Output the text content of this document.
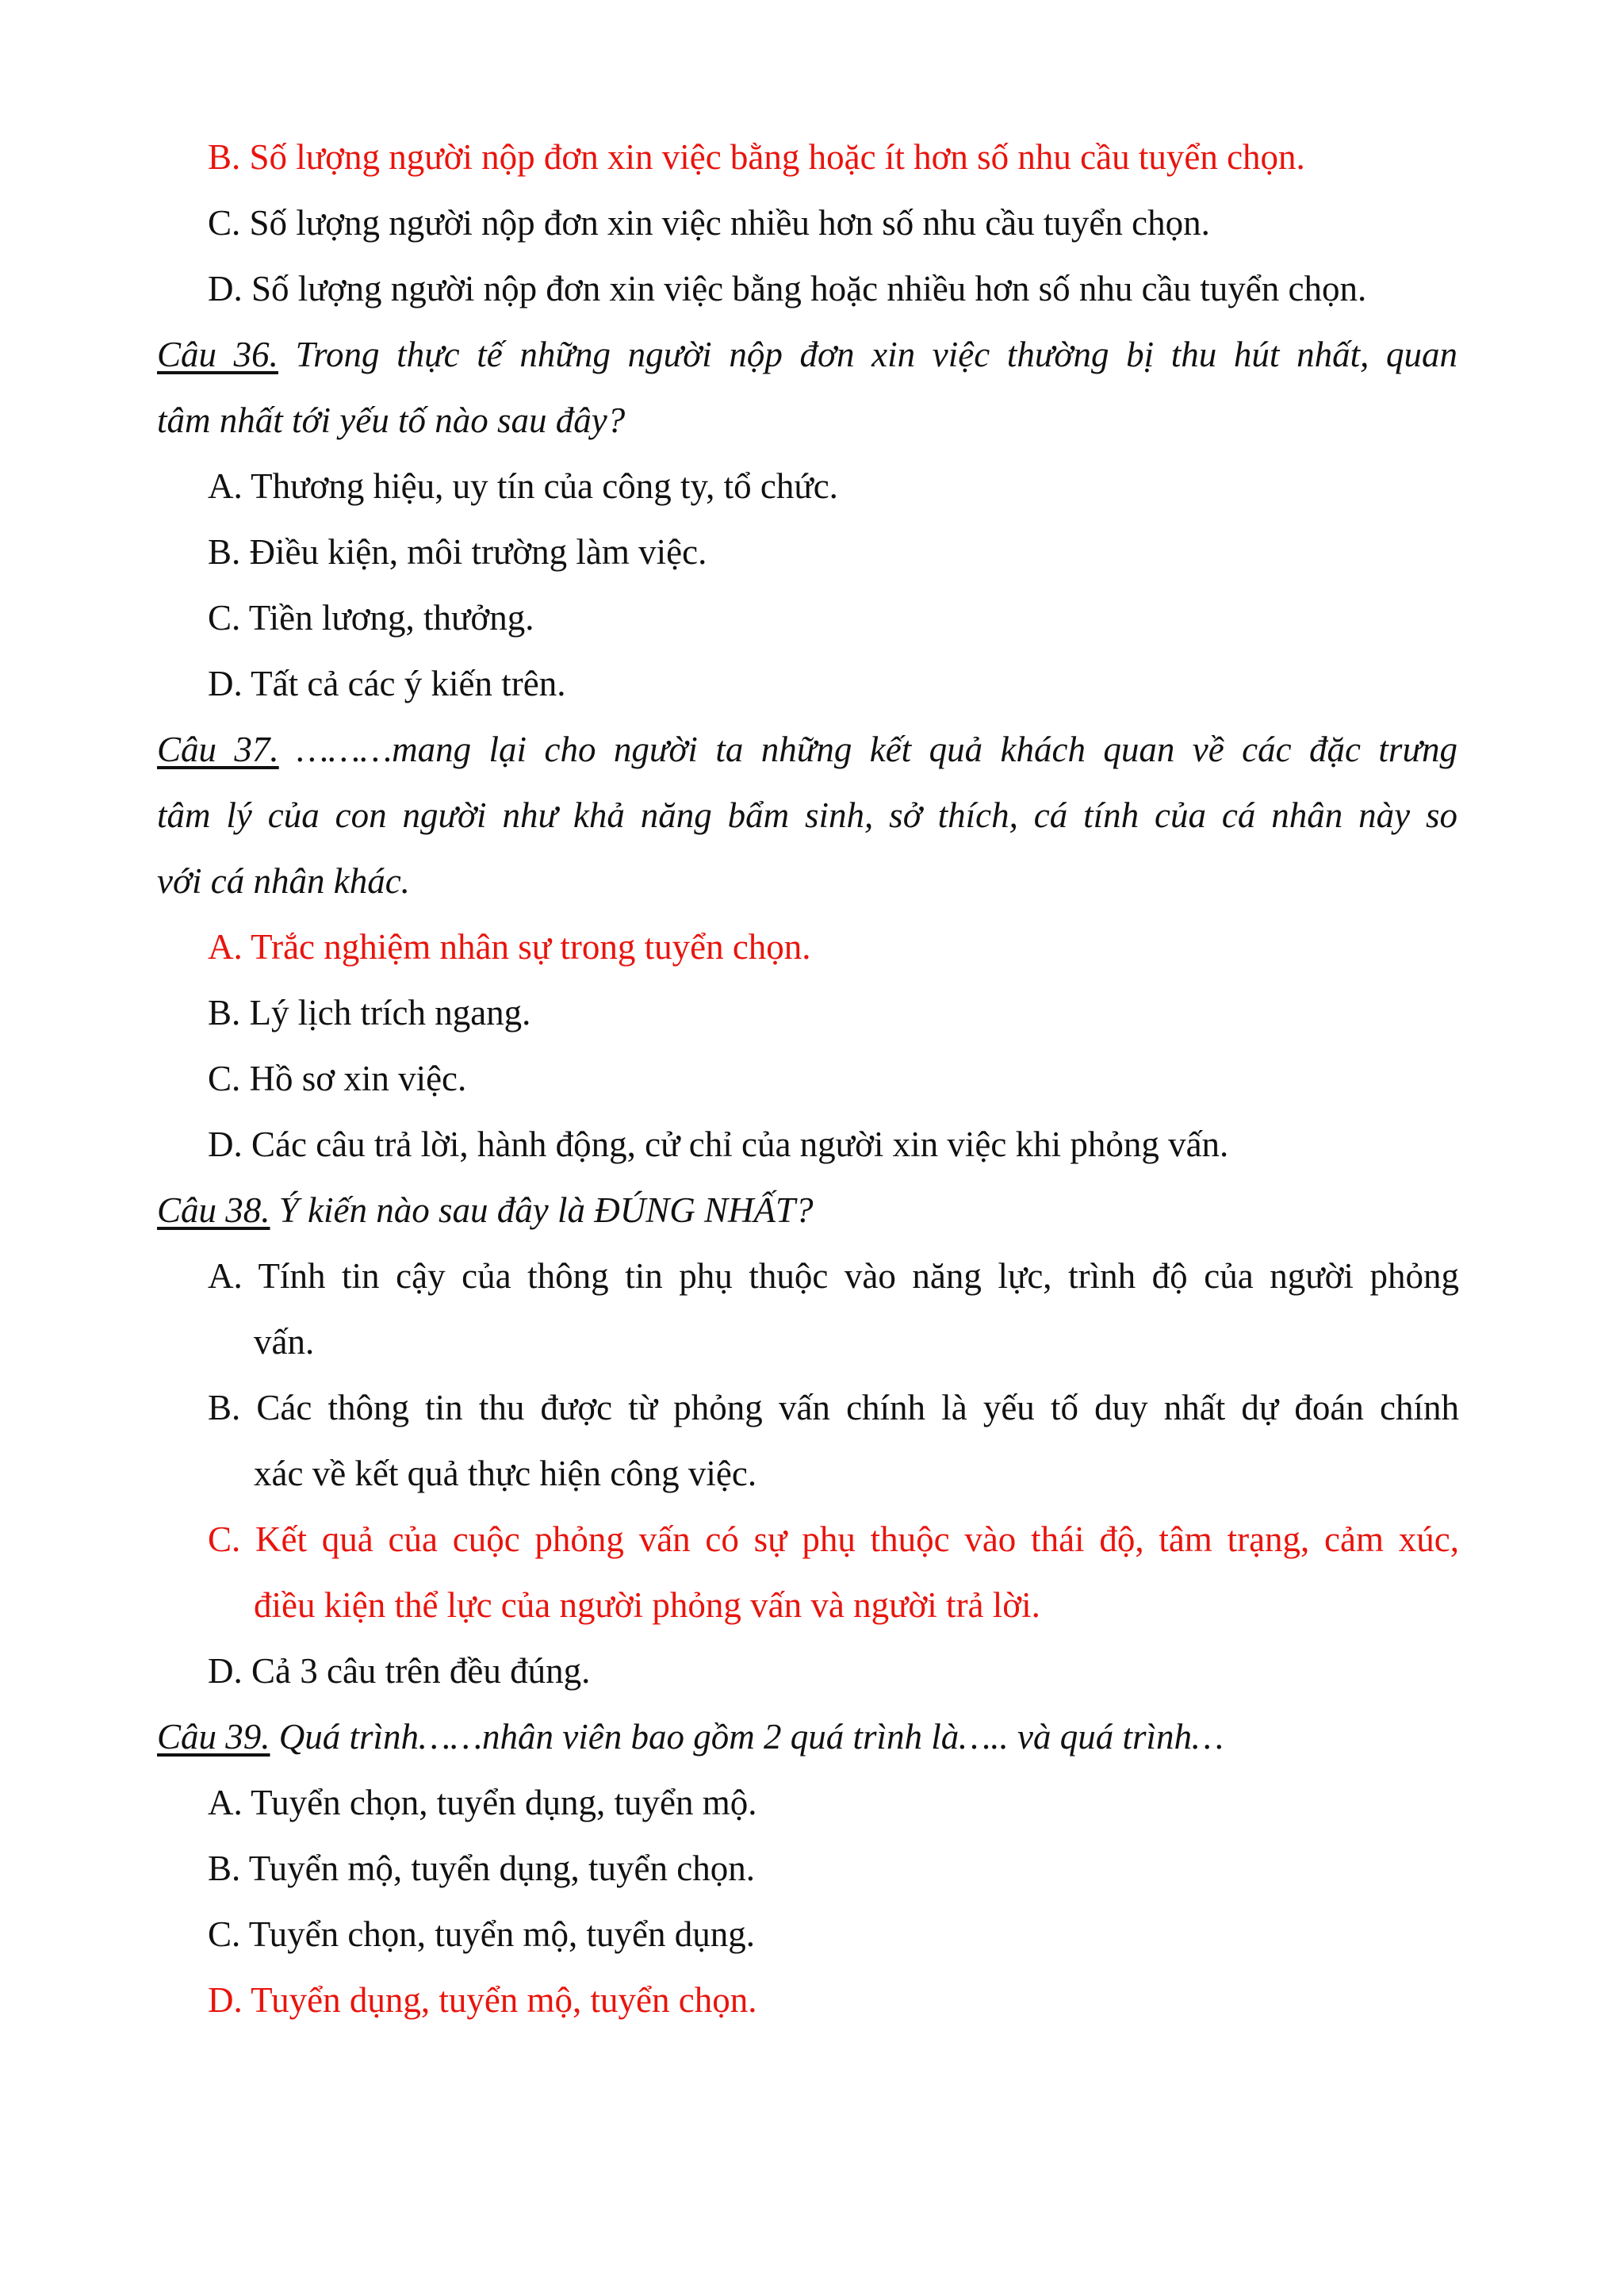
B. Số lượng người nộp đơn xin việc bằng hoặc ít hơn số nhu cầu tuyển chọn.
C. Số lượng người nộp đơn xin việc nhiều hơn số nhu cầu tuyển chọn.
D. Số lượng người nộp đơn xin việc bằng hoặc nhiều hơn số nhu cầu tuyển chọn.
Câu 36. Trong thực tế những người nộp đơn xin việc thường bị thu hút nhất, quan
tâm nhất tới yếu tố nào sau đây?
A. Thương hiệu, uy tín của công ty, tổ chức.
B. Điều kiện, môi trường làm việc.
C. Tiền lương, thưởng.
D. Tất cả các ý kiến trên.
Câu 37. ………mang lại cho người ta những kết quả khách quan về các đặc trưng
tâm lý của con người như khả năng bẩm sinh, sở thích, cá tính của cá nhân này so
với cá nhân khác.
A. Trắc nghiệm nhân sự trong tuyển chọn.
B. Lý lịch trích ngang.
C. Hồ sơ xin việc.
D. Các câu trả lời, hành động, cử chỉ của người xin việc khi phỏng vấn.
Câu 38. Ý kiến nào sau đây là ĐÚNG NHẤT?
A. Tính tin cậy của thông tin phụ thuộc vào năng lực, trình độ của người phỏng
vấn.
B. Các thông tin thu được từ phỏng vấn chính là yếu tố duy nhất dự đoán chính
xác về kết quả thực hiện công việc.
C. Kết quả của cuộc phỏng vấn có sự phụ thuộc vào thái độ, tâm trạng, cảm xúc,
điều kiện thể lực của người phỏng vấn và người trả lời.
D. Cả 3 câu trên đều đúng.
Câu 39. Quá trình……nhân viên bao gồm 2 quá trình là….. và quá trình…
A. Tuyển chọn, tuyển dụng, tuyển mộ.
B. Tuyển mộ, tuyển dụng, tuyển chọn.
C. Tuyển chọn, tuyển mộ, tuyển dụng.
D. Tuyển dụng, tuyển mộ, tuyển chọn.
